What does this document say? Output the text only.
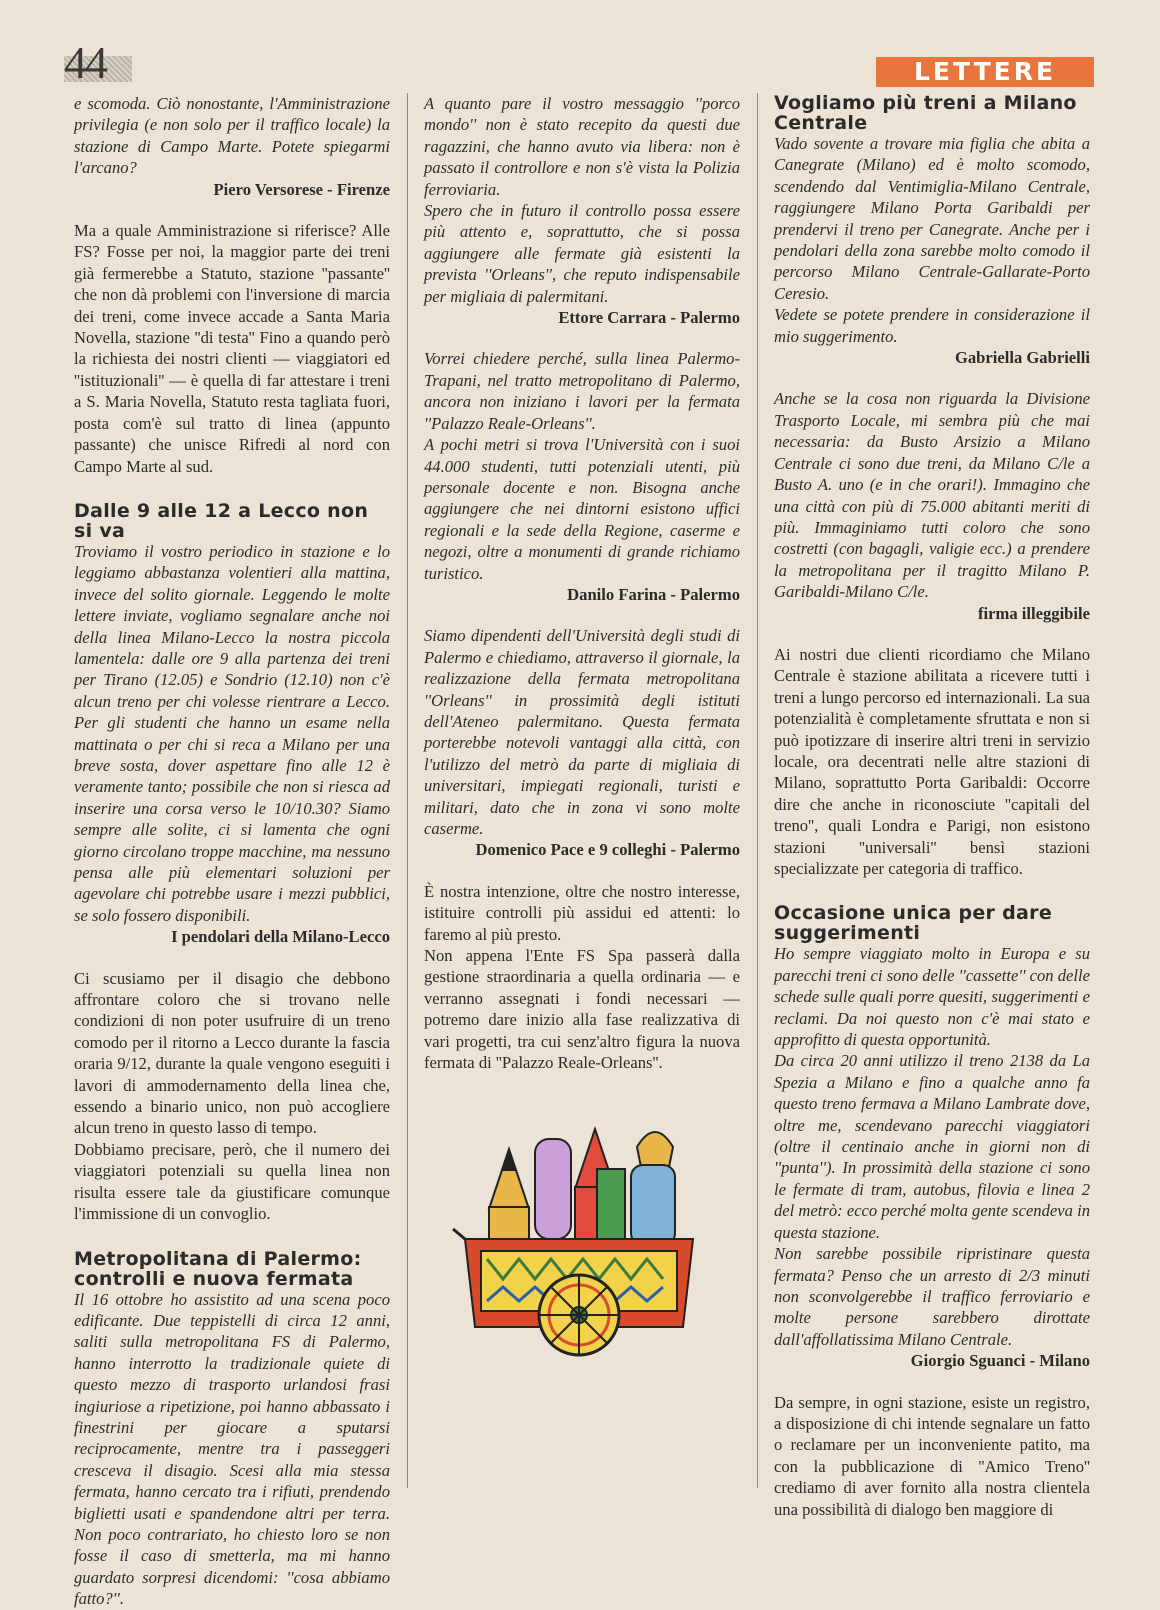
44	LETTERE

e scomoda. Ciò nonostante, l'Amministrazione privilegia (e non solo per il traffico locale) la stazione di Campo Marte. Potete spiegarmi l'arcano?

Piero Versorese - Firenze

Ma a quale Amministrazione si riferisce? Alle FS? Fosse per noi, la maggior parte dei treni già fermerebbe a Statuto, stazione ''passante'' che non dà problemi con l'inversione di marcia dei treni, come invece accade a Santa Maria Novella, stazione ''di testa'' Fino a quando però la richiesta dei nostri clienti — viaggiatori ed ''istituzionali'' — è quella di far attestare i treni a S. Maria Novella, Statuto resta tagliata fuori, posta com'è sul tratto di linea (appunto passante) che unisce Rifredi al nord con Campo Marte al sud.

Dalle 9 alle 12 a Lecco non si va

Troviamo il vostro periodico in stazione e lo leggiamo abbastanza volentieri alla mattina, invece del solito giornale. Leggendo le molte lettere inviate, vogliamo segnalare anche noi della linea Milano-Lecco la nostra piccola lamentela: dalle ore 9 alla partenza dei treni per Tirano (12.05) e Sondrio (12.10) non c'è alcun treno per chi volesse rientrare a Lecco. Per gli studenti che hanno un esame nella mattinata o per chi si reca a Milano per una breve sosta, dover aspettare fino alle 12 è veramente tanto; possibile che non si riesca ad inserire una corsa verso le 10/10.30? Siamo sempre alle solite, ci si lamenta che ogni giorno circolano troppe macchine, ma nessuno pensa alle più elementari soluzioni per agevolare chi potrebbe usare i mezzi pubblici, se solo fossero disponibili.

I pendolari della Milano-Lecco

Ci scusiamo per il disagio che debbono affrontare coloro che si trovano nelle condizioni di non poter usufruire di un treno comodo per il ritorno a Lecco durante la fascia oraria 9/12, durante la quale vengono eseguiti i lavori di ammodernamento della linea che, essendo a binario unico, non può accogliere alcun treno in questo lasso di tempo.

Dobbiamo precisare, però, che il numero dei viaggiatori potenziali su quella linea non risulta essere tale da giustificare comunque l'immissione di un convoglio.

Metropolitana di Palermo: controlli e nuova fermata

Il 16 ottobre ho assistito ad una scena poco edificante. Due teppistelli di circa 12 anni, saliti sulla metropolitana FS di Palermo, hanno interrotto la tradizionale quiete di questo mezzo di trasporto urlandosi frasi ingiuriose a ripetizione, poi hanno abbassato i finestrini per giocare a sputarsi reciprocamente, mentre tra i passeggeri cresceva il disagio. Scesi alla mia stessa fermata, hanno cercato tra i rifiuti, prendendo biglietti usati e spandendone altri per terra. Non poco contrariato, ho chiesto loro se non fosse il caso di smetterla, ma mi hanno guardato sorpresi dicendomi: ''cosa abbiamo fatto?''.

A quanto pare il vostro messaggio ''porco mondo'' non è stato recepito da questi due ragazzini, che hanno avuto via libera: non è passato il controllore e non s'è vista la Polizia ferroviaria.

Spero che in futuro il controllo possa essere più attento e, soprattutto, che si possa aggiungere alle fermate già esistenti la prevista ''Orleans'', che reputo indispensabile per migliaia di palermitani.

Ettore Carrara - Palermo

Vorrei chiedere perché, sulla linea Palermo-Trapani, nel tratto metropolitano di Palermo, ancora non iniziano i lavori per la fermata ''Palazzo Reale-Orleans''.

A pochi metri si trova l'Università con i suoi 44.000 studenti, tutti potenziali utenti, più personale docente e non. Bisogna anche aggiungere che nei dintorni esistono uffici regionali e la sede della Regione, caserme e negozi, oltre a monumenti di grande richiamo turistico.

Danilo Farina - Palermo

Siamo dipendenti dell'Università degli studi di Palermo e chiediamo, attraverso il giornale, la realizzazione della fermata metropolitana ''Orleans'' in prossimità degli istituti dell'Ateneo palermitano. Questa fermata porterebbe notevoli vantaggi alla città, con l'utilizzo del metrò da parte di migliaia di universitari, impiegati regionali, turisti e militari, dato che in zona vi sono molte caserme.

Domenico Pace e 9 colleghi - Palermo

È nostra intenzione, oltre che nostro interesse, istituire controlli più assidui ed attenti: lo faremo al più presto.

Non appena l'Ente FS Spa passerà dalla gestione straordinaria a quella ordinaria — e verranno assegnati i fondi necessari — potremo dare inizio alla fase realizzativa di vari progetti, tra cui senz'altro figura la nuova fermata di ''Palazzo Reale-Orleans''.

Vogliamo più treni a Milano Centrale

Vado sovente a trovare mia figlia che abita a Canegrate (Milano) ed è molto scomodo, scendendo dal Ventimiglia-Milano Centrale, raggiungere Milano Porta Garibaldi per prendervi il treno per Canegrate. Anche per i pendolari della zona sarebbe molto comodo il percorso Milano Centrale-Gallarate-Porto Ceresio.

Vedete se potete prendere in considerazione il mio suggerimento.

Gabriella Gabrielli

Anche se la cosa non riguarda la Divisione Trasporto Locale, mi sembra più che mai necessaria: da Busto Arsizio a Milano Centrale ci sono due treni, da Milano C/le a Busto A. uno (e in che orari!). Immagino che una città con più di 75.000 abitanti meriti di più. Immaginiamo tutti coloro che sono costretti (con bagagli, valigie ecc.) a prendere la metropolitana per il tragitto Milano P. Garibaldi-Milano C/le.

firma illeggibile

Ai nostri due clienti ricordiamo che Milano Centrale è stazione abilitata a ricevere tutti i treni a lungo percorso ed internazionali. La sua potenzialità è completamente sfruttata e non si può ipotizzare di inserire altri treni in servizio locale, ora decentrati nelle altre stazioni di Milano, soprattutto Porta Garibaldi: Occorre dire che anche in riconosciute ''capitali del treno'', quali Londra e Parigi, non esistono stazioni ''universali'' bensì stazioni specializzate per categoria di traffico.

Occasione unica per dare suggerimenti

Ho sempre viaggiato molto in Europa e su parecchi treni ci sono delle ''cassette'' con delle schede sulle quali porre quesiti, suggerimenti e reclami. Da noi questo non c'è mai stato e approfitto di questa opportunità.

Da circa 20 anni utilizzo il treno 2138 da La Spezia a Milano e fino a qualche anno fa questo treno fermava a Milano Lambrate dove, oltre me, scendevano parecchi viaggiatori (oltre il centinaio anche in giorni non di ''punta''). In prossimità della stazione ci sono le fermate di tram, autobus, filovia e linea 2 del metrò: ecco perché molta gente scendeva in questa stazione.

Non sarebbe possibile ripristinare questa fermata? Penso che un arresto di 2/3 minuti non sconvolgerebbe il traffico ferroviario e molte persone sarebbero dirottate dall'affollatissima Milano Centrale.

Giorgio Sguanci - Milano

Da sempre, in ogni stazione, esiste un registro, a disposizione di chi intende segnalare un fatto o reclamare per un inconveniente patito, ma con la pubblicazione di ''Amico Treno'' crediamo di aver fornito alla nostra clientela una possibilità di dialogo ben maggiore di
